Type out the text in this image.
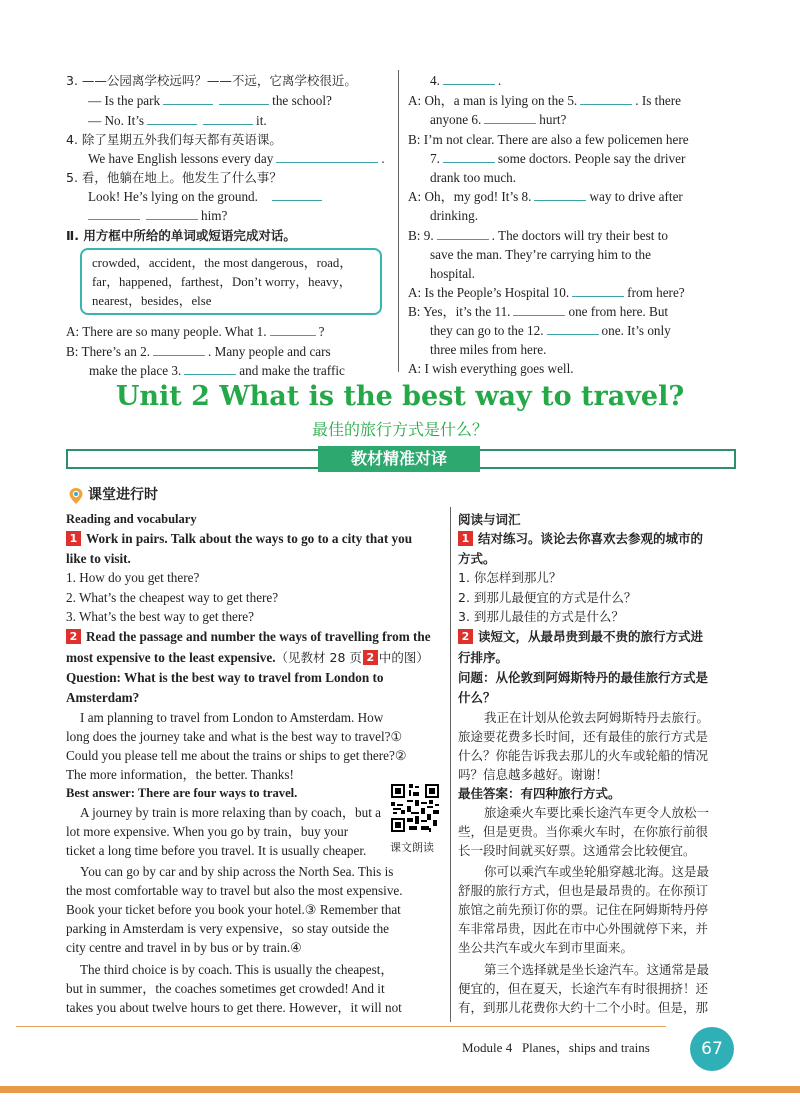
3. ——公园离学校远吗？——不远，它离学校很近。
— Is the park	the school?
— No. It’s	it.
4. 除了星期五外我们每天都有英语课。
We have English lessons every day	.
5. 看，他躺在地上。他发生了什么事？
Look! He’s lying on the ground.
him?
Ⅱ. 用方框中所给的单词或短语完成对话。
crowded，accident，the most dangerous，road，
far，happened，farthest，Don’t worry，heavy，
nearest，besides，else
A: There are so many people. What 1.	?
B: There’s an 2.	. Many people and cars
make the place 3.	and make the traffic
4.	.
A: Oh，a man is lying on the 5.	. Is there
anyone 6.	hurt?
B: I’m not clear. There are also a few policemen here
7.	some doctors. People say the driver
drank too much.
A: Oh，my god! It’s 8.	way to drive after
drinking.
B: 9.	. The doctors will try their best to
save the man. They’re carrying him to the
hospital.
A: Is the People’s Hospital 10.	from here?
B: Yes，it’s the 11.	one from here. But
they can go to the 12.	one. It’s only
three miles from here.
A: I wish everything goes well.
Unit 2 What is the best way to travel?
最佳的旅行方式是什么？
教材精准对译
课堂进行时
Reading and vocabulary
1 Work in pairs. Talk about the ways to go to a city that you
like to visit.
1. How do you get there?
2. What’s the cheapest way to get there?
3. What’s the best way to get there?
2 Read the passage and number the ways of travelling from the
most expensive to the least expensive.（见教材 28 页 2 中的图）
Question: What is the best way to travel from London to
Amsterdam?
I am planning to travel from London to Amsterdam. How
long does the journey take and what is the best way to travel?①
Could you please tell me about the trains or ships to get there?②
The more information，the better. Thanks!
Best answer: There are four ways to travel.
A journey by train is more relaxing than by coach，but a
lot more expensive. When you go by train，buy your
ticket a long time before you travel. It is usually cheaper. 课文朗读
You can go by car and by ship across the North Sea. This is
the most comfortable way to travel but also the most expensive.
Book your ticket before you book your hotel.③ Remember that
parking in Amsterdam is very expensive，so stay outside the
city centre and travel in by bus or by train.④
The third choice is by coach. This is usually the cheapest，
but in summer，the coaches sometimes get crowded! And it
takes you about twelve hours to get there. However，it will not
阅读与词汇
1 结对练习。谈论去你喜欢去参观的城市的
方式。
1. 你怎样到那儿？
2. 到那儿最便宜的方式是什么？
3. 到那儿最佳的方式是什么？
2 读短文，从最昂贵到最不贵的旅行方式进
行排序。
问题：从伦敦到阿姆斯特丹的最佳旅行方式是
什么？
我正在计划从伦敦去阿姆斯特丹去旅行。
旅途要花费多长时间，还有最佳的旅行方式是
什么？你能告诉我去那儿的火车或轮船的情况
吗？信息越多越好。谢谢！
最佳答案：有四种旅行方式。
旅途乘火车要比乘长途汽车更令人放松一
些，但是更贵。当你乘火车时，在你旅行前很
长一段时间就买好票。这通常会比较便宜。
你可以乘汽车或坐轮船穿越北海。这是最
舒服的旅行方式，但也是最昂贵的。在你预订
旅馆之前先预订你的票。记住在阿姆斯特丹停
车非常昂贵，因此在市中心外围就停下来，并
坐公共汽车或火车到市里面来。
第三个选择就是坐长途汽车。这通常是最
便宜的，但在夏天，长途汽车有时很拥挤！还
有，到那儿花费你大约十二个小时。但是，那
Module 4 Planes，ships and trains	67
